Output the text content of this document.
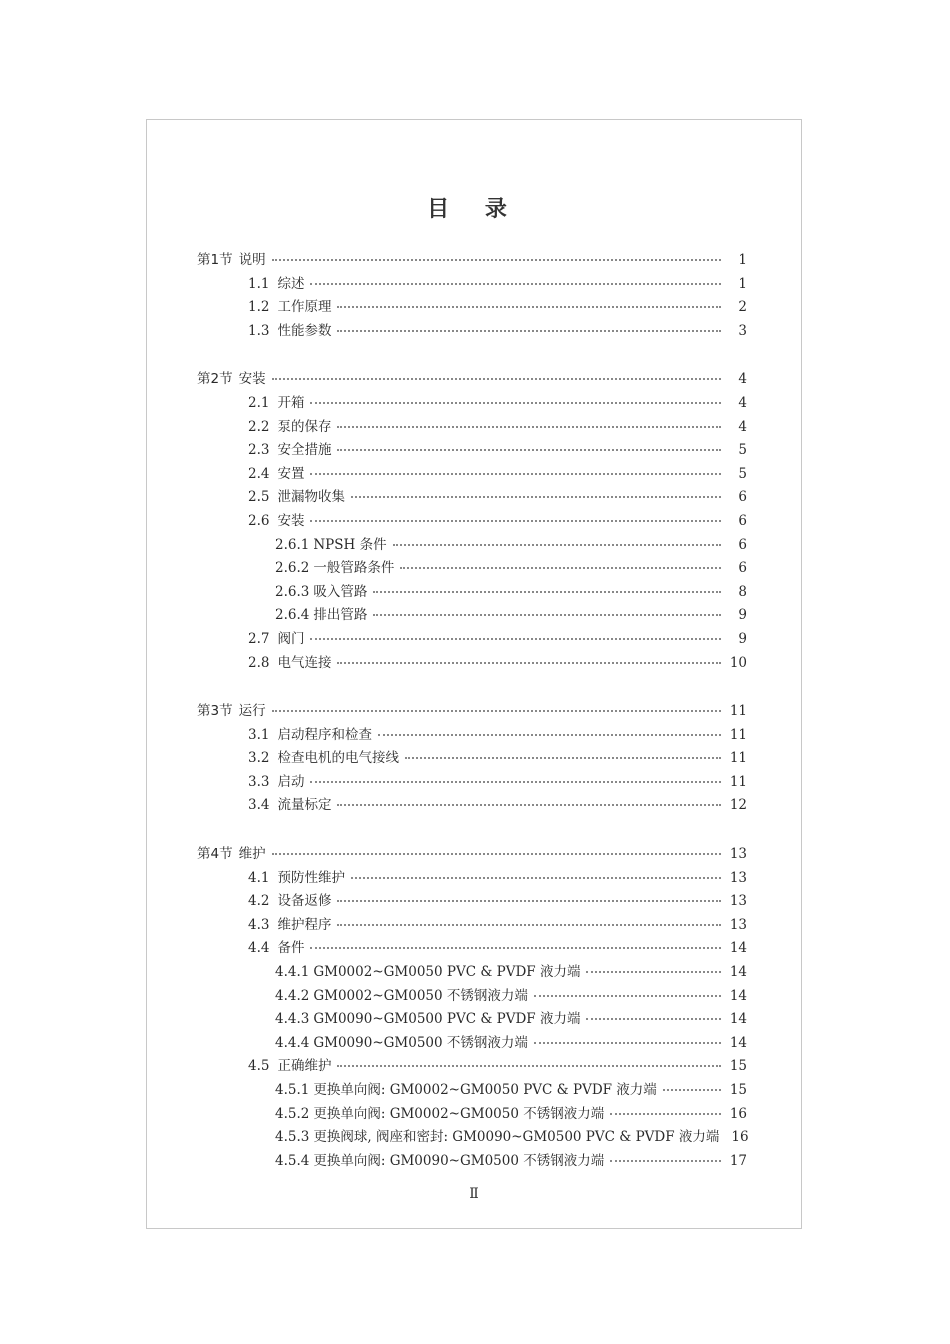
目 录
第1节 说明	1
1.1 综述	1
1.2 工作原理	2
1.3 性能参数	3
第2节 安装	4
2.1 开箱	4
2.2 泵的保存	4
2.3 安全措施	5
2.4 安置	5
2.5 泄漏物收集	6
2.6 安装	6
2.6.1 NPSH 条件	6
2.6.2 一般管路条件	6
2.6.3 吸入管路	8
2.6.4 排出管路	9
2.7 阀门	9
2.8 电气连接	10
第3节 运行	11
3.1 启动程序和检查	11
3.2 检查电机的电气接线	11
3.3 启动	11
3.4 流量标定	12
第4节 维护	13
4.1 预防性维护	13
4.2 设备返修	13
4.3 维护程序	13
4.4 备件	14
4.4.1 GM0002~GM0050 PVC & PVDF 液力端	14
4.4.2 GM0002~GM0050 不锈钢液力端	14
4.4.3 GM0090~GM0500 PVC & PVDF 液力端	14
4.4.4 GM0090~GM0500 不锈钢液力端	14
4.5 正确维护	15
4.5.1 更换单向阀: GM0002~GM0050 PVC & PVDF 液力端	15
4.5.2 更换单向阀: GM0002~GM0050 不锈钢液力端	16
4.5.3 更换阀球, 阀座和密封: GM0090~GM0500 PVC & PVDF 液力端 16
4.5.4 更换单向阀: GM0090~GM0500 不锈钢液力端	17
Ⅱ
